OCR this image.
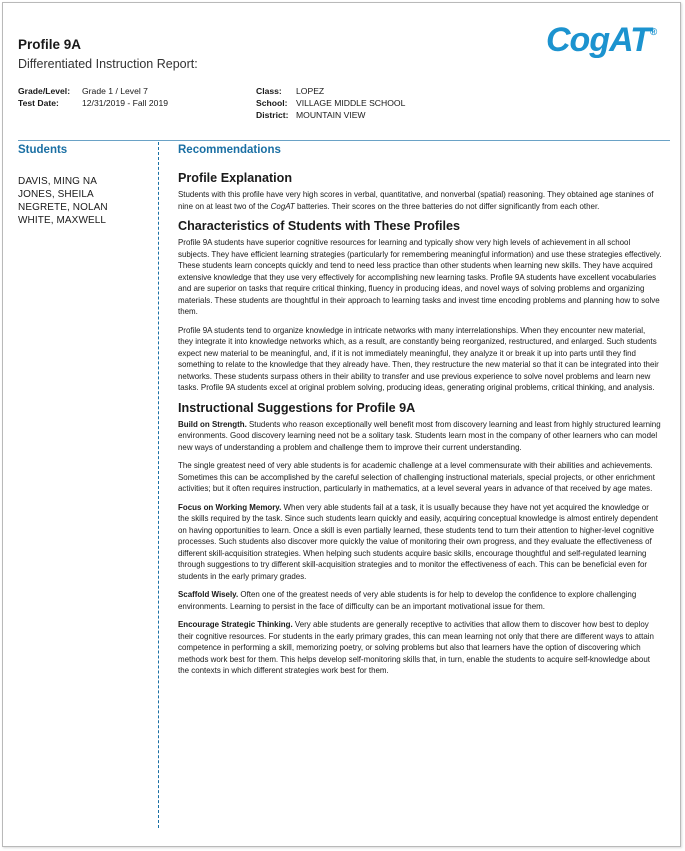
Profile 9A
Differentiated Instruction Report:
CogAT®
Grade/Level: Grade 1 / Level 7
Test Date:	12/31/2019 - Fall 2019
Class: LOPEZ
School: VILLAGE MIDDLE SCHOOL
District: MOUNTAIN VIEW
Students	Recommendations
DAVIS, MING NA
JONES, SHEILA
NEGRETE, NOLAN
WHITE, MAXWELL
Profile Explanation

Students with this profile have very high scores in verbal, quantitative, and nonverbal (spatial) reasoning. They obtained age stanines of nine on at least two of the CogAT batteries. Their scores on the three batteries do not differ significantly from each other.

Characteristics of Students with These Profiles

Profile 9A students have superior cognitive resources for learning and typically show very high levels of achievement in all school subjects. They have efficient learning strategies (particularly for remembering meaningful information) and use these strategies effectively. These students learn concepts quickly and tend to need less practice than other students when learning new skills. They have acquired extensive knowledge that they use very effectively for accomplishing new learning tasks. Profile 9A students have excellent vocabularies and are superior on tasks that require critical thinking, fluency in producing ideas, and novel ways of solving problems and organizing materials. These students are thoughtful in their approach to learning tasks and invest time encoding problems and planning how to solve them.

Profile 9A students tend to organize knowledge in intricate networks with many interrelationships. When they encounter new material, they integrate it into knowledge networks which, as a result, are constantly being reorganized, restructured, and enlarged. Such students expect new material to be meaningful, and, if it is not immediately meaningful, they analyze it or break it up into parts until they find something to relate to the knowledge that they already have. Then, they restructure the new material so that it can be integrated into their networks. These students surpass others in their ability to transfer and use previous experience to solve novel problems and learn new tasks. Profile 9A students excel at original problem solving, producing ideas, generating original problems, critical thinking, and analysis.

Instructional Suggestions for Profile 9A

Build on Strength. Students who reason exceptionally well benefit most from discovery learning and least from highly structured learning environments. Good discovery learning need not be a solitary task. Students learn most in the company of other learners who can model new ways of understanding a problem and challenge them to improve their current understanding.

The single greatest need of very able students is for academic challenge at a level commensurate with their abilities and achievements. Sometimes this can be accomplished by the careful selection of challenging instructional materials, special projects, or other enrichment activities; but it often requires instruction, particularly in mathematics, at a level several years in advance of that received by age mates.

Focus on Working Memory. When very able students fail at a task, it is usually because they have not yet acquired the knowledge or the skills required by the task. Since such students learn quickly and easily, acquiring conceptual knowledge is almost entirely dependent on having opportunities to learn. Once a skill is even partially learned, these students tend to turn their attention to higher-level cognitive processes. Such students also discover more quickly the value of monitoring their own progress, and they evaluate the effectiveness of different skill-acquisition strategies. When helping such students acquire basic skills, encourage thoughtful and self-regulated learning through suggestions to try different skill-acquisition strategies and to monitor the effectiveness of each. This can be beneficial even for students in the early primary grades.

Scaffold Wisely. Often one of the greatest needs of very able students is for help to develop the confidence to explore challenging environments. Learning to persist in the face of difficulty can be an important motivational issue for them.

Encourage Strategic Thinking. Very able students are generally receptive to activities that allow them to discover how best to deploy their cognitive resources. For students in the early primary grades, this can mean learning not only that there are different ways to attain competence in performing a skill, memorizing poetry, or solving problems but also that learners have the option of discovering which methods work best for them. This helps develop self-monitoring skills that, in turn, enable the students to acquire self-knowledge about the contexts in which different strategies work best for them.
